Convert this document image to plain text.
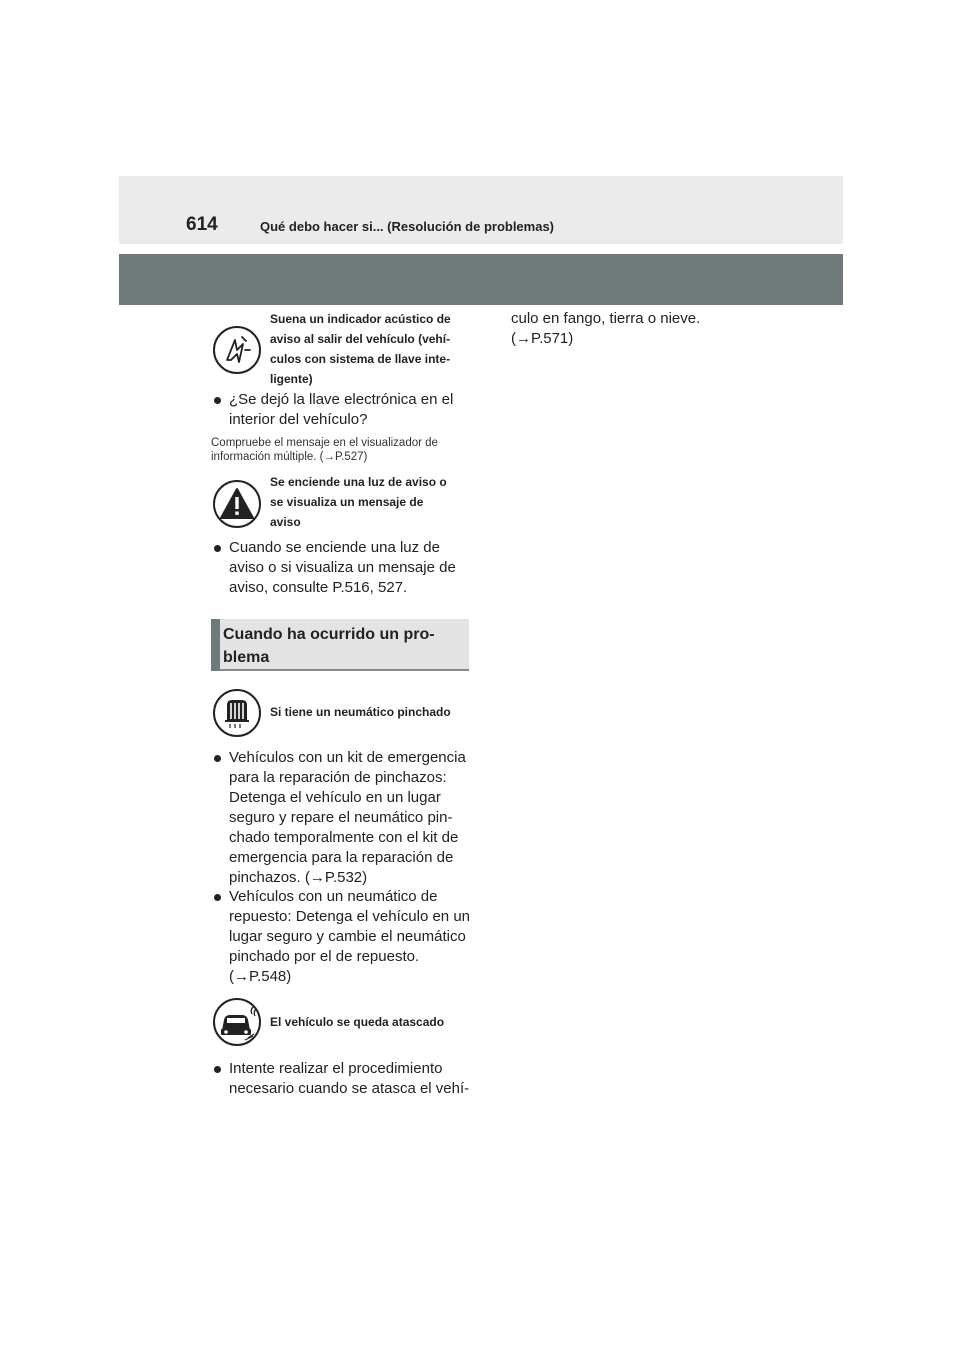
614	Qué debo hacer si... (Resolución de problemas)
Suena un indicador acústico de
aviso al salir del vehículo (vehí-
culos con sistema de llave inte-
ligente)
¿Se dejó la llave electrónica en el
interior del vehículo?
Compruebe el mensaje en el visualizador de
información múltiple. (→P.527)
Se enciende una luz de aviso o
se visualiza un mensaje de
aviso
Cuando se enciende una luz de
aviso o si visualiza un mensaje de
aviso, consulte P.516, 527.
Cuando ha ocurrido un pro-
blema
Si tiene un neumático pinchado
Vehículos con un kit de emergencia
para la reparación de pinchazos:
Detenga el vehículo en un lugar
seguro y repare el neumático pin-
chado temporalmente con el kit de
emergencia para la reparación de
pinchazos. (→P.532)
Vehículos con un neumático de
repuesto: Detenga el vehículo en un
lugar seguro y cambie el neumático
pinchado por el de repuesto.
(→P.548)
El vehículo se queda atascado
Intente realizar el procedimiento
necesario cuando se atasca el vehí-
culo en fango, tierra o nieve.
(→P.571)
